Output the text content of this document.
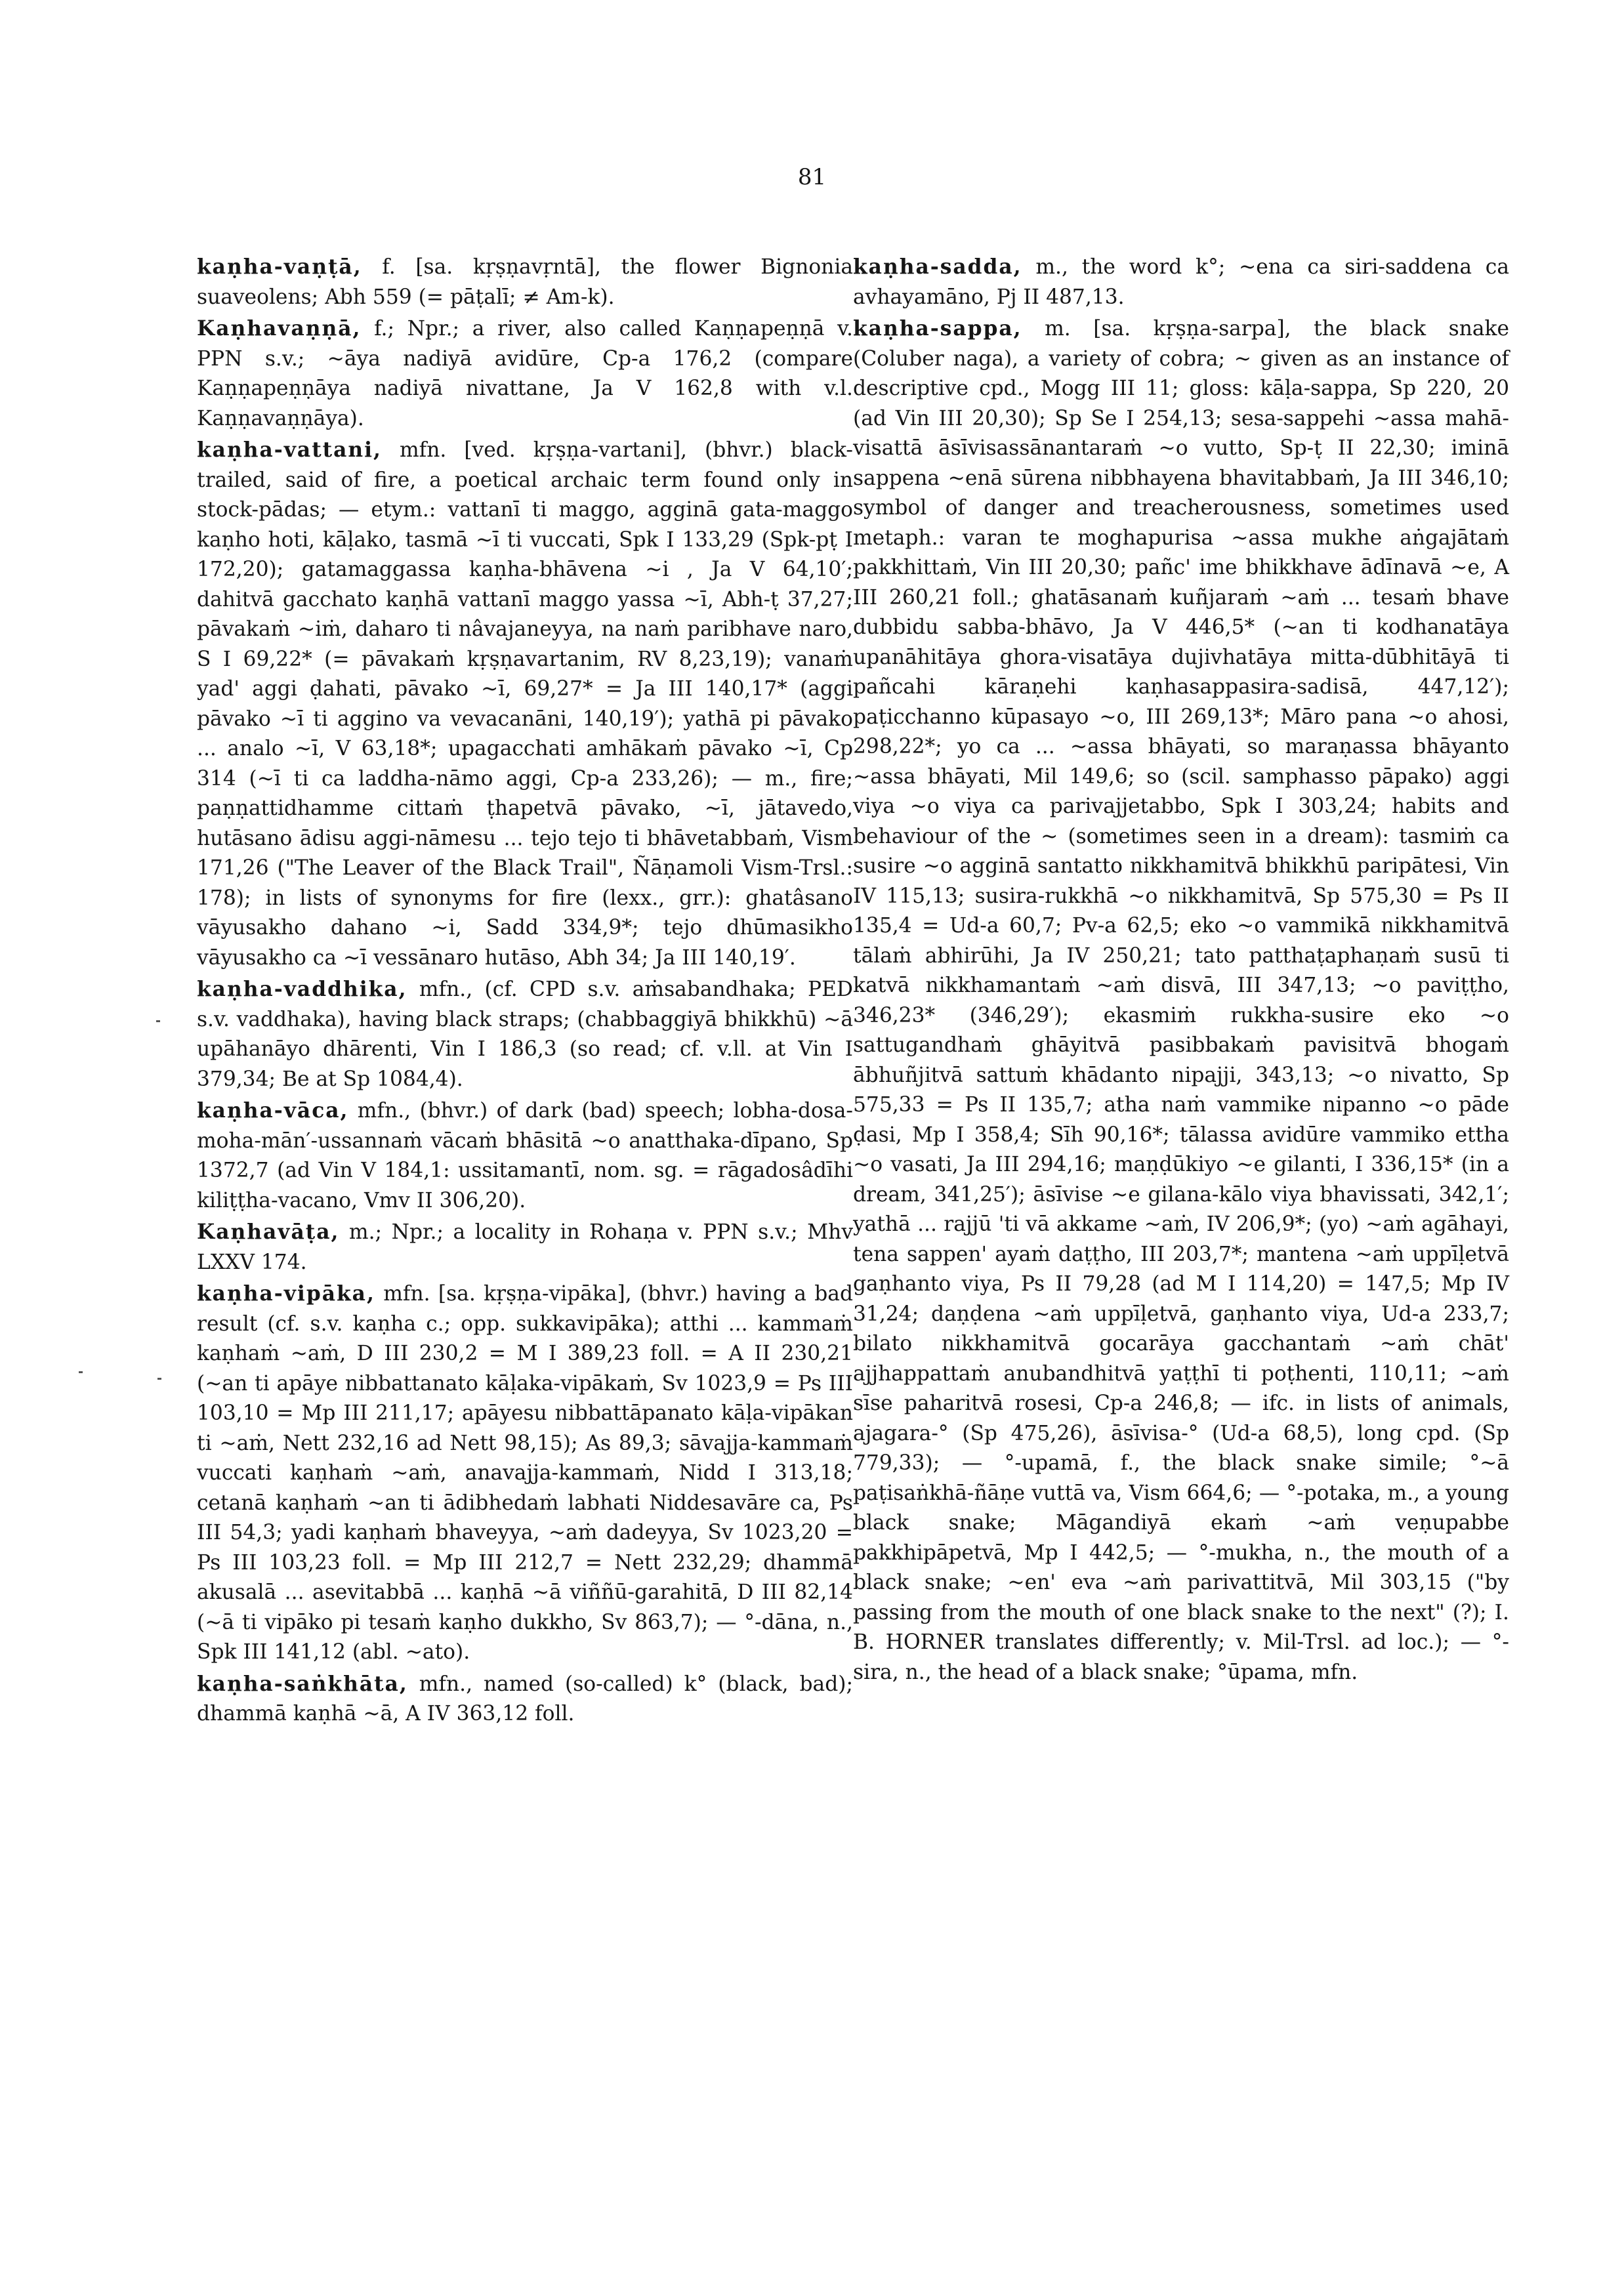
81

kaṇha-vaṇṭā, f. [sa. kṛṣṇavṛntā], the flower Bignonia suaveolens; Abh 559 (= pāṭalī; ≠ Am-k).

Kaṇhavaṇṇā, f.; Npr.; a river, also called Kaṇṇapeṇṇā v. PPN s.v.; ~āya nadiyā avidūre, Cp-a 176,2 (compare Kaṇṇapeṇṇāya nadiyā nivattane, Ja V 162,8 with v.l. Kaṇṇavaṇṇāya).

kaṇha-vattani, mfn. [ved. kṛṣṇa-vartani], (bhvr.) black-trailed, said of fire, a poetical archaic term found only in stock-pādas; — etym.: vattanī ti maggo, agginā gata-maggo kaṇho hoti, kāḷako, tasmā ~ī ti vuccati, Spk I 133,29 (Spk-pṭ I 172,20); gatamaggassa kaṇha-bhāvena ~i , Ja V 64,10′; dahitvā gacchato kaṇhā vattanī maggo yassa ~ī, Abh-ṭ 37,27; pāvakaṁ ~iṁ, daharo ti nâvajaneyya, na naṁ paribhave naro, S I 69,22* (= pāvakaṁ kṛṣṇavartanim, RV 8,23,19); vanaṁ yad' aggi ḍahati, pāvako ~ī, 69,27* = Ja III 140,17* (aggi pāvako ~ī ti aggino va vevacanāni, 140,19′); yathā pi pāvako ... analo ~ī, V 63,18*; upagacchati amhākaṁ pāvako ~ī, Cp 314 (~ī ti ca laddha-nāmo aggi, Cp-a 233,26); — m., fire; paṇṇattidhamme cittaṁ ṭhapetvā pāvako, ~ī, jātavedo, hutāsano ādisu aggi-nāmesu ... tejo tejo ti bhāvetabbaṁ, Vism 171,26 ("The Leaver of the Black Trail", Ñāṇamoli Vism-Trsl.: 178); in lists of synonyms for fire (lexx., grr.): ghatâsano vāyusakho dahano ~i, Sadd 334,9*; tejo dhūmasikho vāyusakho ca ~ī vessānaro hutāso, Abh 34; Ja III 140,19′.

kaṇha-vaddhika, mfn., (cf. CPD s.v. aṁsabandhaka; PED s.v. vaddhaka), having black straps; (chabbaggiyā bhikkhū) ~ā upāhanāyo dhārenti, Vin I 186,3 (so read; cf. v.ll. at Vin I 379,34; Be at Sp 1084,4).

kaṇha-vāca, mfn., (bhvr.) of dark (bad) speech; lobha-dosa-moha-mān′-ussannaṁ vācaṁ bhāsitā ~o anatthaka-dīpano, Sp 1372,7 (ad Vin V 184,1: ussitamantī, nom. sg. = rāgadosâdīhi kiliṭṭha-vacano, Vmv II 306,20).

Kaṇhavāṭa, m.; Npr.; a locality in Rohaṇa v. PPN s.v.; Mhv LXXV 174.

kaṇha-vipāka, mfn. [sa. kṛṣṇa-vipāka], (bhvr.) having a bad result (cf. s.v. kaṇha c.; opp. sukkavipāka); atthi ... kammaṁ kaṇhaṁ ~aṁ, D III 230,2 = M I 389,23 foll. = A II 230,21 (~an ti apāye nibbattanato kāḷaka-vipākaṁ, Sv 1023,9 = Ps III 103,10 = Mp III 211,17; apāyesu nibbattāpanato kāḷa-vipākan ti ~aṁ, Nett 232,16 ad Nett 98,15); As 89,3; sāvajja-kammaṁ vuccati kaṇhaṁ ~aṁ, anavajja-kammaṁ, Nidd I 313,18; cetanā kaṇhaṁ ~an ti ādibhedaṁ labhati Niddesavāre ca, Ps III 54,3; yadi kaṇhaṁ bhaveyya, ~aṁ dadeyya, Sv 1023,20 = Ps III 103,23 foll. = Mp III 212,7 = Nett 232,29; dhammā akusalā ... asevitabbā ... kaṇhā ~ā viññū-garahitā, D III 82,14 (~ā ti vipāko pi tesaṁ kaṇho dukkho, Sv 863,7); — °-dāna, n., Spk III 141,12 (abl. ~ato).

kaṇha-saṅkhāta, mfn., named (so-called) k° (black, bad); dhammā kaṇhā ~ā, A IV 363,12 foll.

kaṇha-sadda, m., the word k°; ~ena ca siri-saddena ca avhayamāno, Pj II 487,13.

kaṇha-sappa, m. [sa. kṛṣṇa-sarpa], the black snake (Coluber naga), a variety of cobra; ~ given as an instance of descriptive cpd., Mogg III 11; gloss: kāḷa-sappa, Sp 220, 20 (ad Vin III 20,30); Sp Se I 254,13; sesa-sappehi ~assa mahā-visattā āsīvisassānantaraṁ ~o vutto, Sp-ṭ II 22,30; iminā sappena ~enā sūrena nibbhayena bhavitabbaṁ, Ja III 346,10; symbol of danger and treacherousness, sometimes used metaph.: varan te moghapurisa ~assa mukhe aṅgajātaṁ pakkhittaṁ, Vin III 20,30; pañc' ime bhikkhave ādīnavā ~e, A III 260,21 foll.; ghatāsanaṁ kuñjaraṁ ~aṁ ... tesaṁ bhave dubbidu sabba-bhāvo, Ja V 446,5* (~an ti kodhanatāya upanāhitāya ghora-visatāya dujivhatāya mitta-dūbhitāyā ti pañcahi kāraṇehi kaṇhasappasira-sadisā, 447,12′); paṭicchanno kūpasayo ~o, III 269,13*; Māro pana ~o ahosi, 298,22*; yo ca ... ~assa bhāyati, so maraṇassa bhāyanto ~assa bhāyati, Mil 149,6; so (scil. samphasso pāpako) aggi viya ~o viya ca parivajjetabbo, Spk I 303,24; habits and behaviour of the ~ (sometimes seen in a dream): tasmiṁ ca susire ~o agginā santatto nikkhamitvā bhikkhū paripātesi, Vin IV 115,13; susira-rukkhā ~o nikkhamitvā, Sp 575,30 = Ps II 135,4 = Ud-a 60,7; Pv-a 62,5; eko ~o vammikā nikkhamitvā tālaṁ abhirūhi, Ja IV 250,21; tato patthaṭaphaṇaṁ susū ti katvā nikkhamantaṁ ~aṁ disvā, III 347,13; ~o paviṭṭho, 346,23* (346,29′); ekasmiṁ rukkha-susire eko ~o sattugandhaṁ ghāyitvā pasibbakaṁ pavisitvā bhogaṁ ābhuñjitvā sattuṁ khādanto nipajji, 343,13; ~o nivatto, Sp 575,33 = Ps II 135,7; atha naṁ vammike nipanno ~o pāde ḍasi, Mp I 358,4; Sīh 90,16*; tālassa avidūre vammiko ettha ~o vasati, Ja III 294,16; maṇḍūkiyo ~e gilanti, I 336,15* (in a dream, 341,25′); āsīvise ~e gilana-kālo viya bhavissati, 342,1′; yathā ... rajjū 'ti vā akkame ~aṁ, IV 206,9*; (yo) ~aṁ agāhayi, tena sappen' ayaṁ daṭṭho, III 203,7*; mantena ~aṁ uppīḷetvā gaṇhanto viya, Ps II 79,28 (ad M I 114,20) = 147,5; Mp IV 31,24; daṇḍena ~aṁ uppīḷetvā, gaṇhanto viya, Ud-a 233,7; bilato nikkhamitvā gocarāya gacchantaṁ ~aṁ chāt' ajjhappattaṁ anubandhitvā yaṭṭhī ti poṭhenti, 110,11; ~aṁ sīse paharitvā rosesi, Cp-a 246,8; — ifc. in lists of animals, ajagara-° (Sp 475,26), āsīvisa-° (Ud-a 68,5), long cpd. (Sp 779,33); — °-upamā, f., the black snake simile; °~ā paṭisaṅkhā-ñāṇe vuttā va, Vism 664,6; — °-potaka, m., a young black snake; Māgandiyā ekaṁ ~aṁ veṇupabbe pakkhipāpetvā, Mp I 442,5; — °-mukha, n., the mouth of a black snake; ~en' eva ~aṁ parivattitvā, Mil 303,15 ("by passing from the mouth of one black snake to the next" (?); I. B. HORNER translates differently; v. Mil-Trsl. ad loc.); — °-sira, n., the head of a black snake; °ūpama, mfn.
